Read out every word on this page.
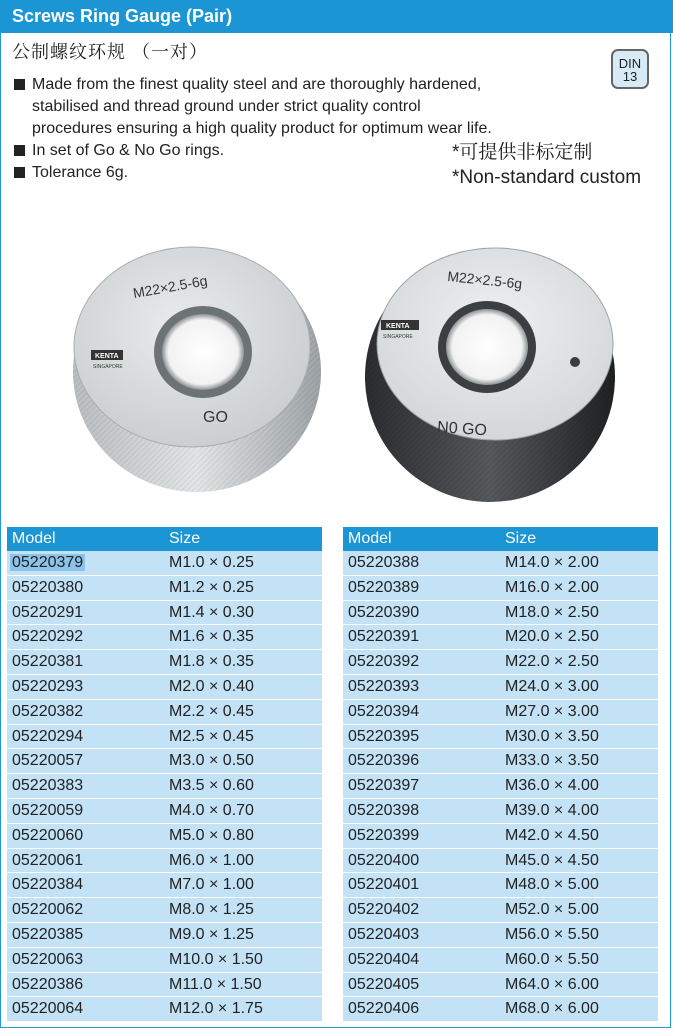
Screws Ring Gauge (Pair)
公制螺纹环规 （一对）
DIN
13
Made from the finest quality steel and are thoroughly hardened,
stabilised and thread ground under strict quality control
procedures ensuring a high quality product for optimum wear life.
In set of Go & No Go rings.
Tolerance 6g.
*可提供非标定制
*Non-standard custom
M22×2.5-6g
GO
KENTA
SINGAPORE
M22×2.5-6g
N0 GO
KENTA
SINGAPORE
Model	Size
05220379	M1.0 × 0.25
05220380	M1.2 × 0.25
05220291	M1.4 × 0.30
05220292	M1.6 × 0.35
05220381	M1.8 × 0.35
05220293	M2.0 × 0.40
05220382	M2.2 × 0.45
05220294	M2.5 × 0.45
05220057	M3.0 × 0.50
05220383	M3.5 × 0.60
05220059	M4.0 × 0.70
05220060	M5.0 × 0.80
05220061	M6.0 × 1.00
05220384	M7.0 × 1.00
05220062	M8.0 × 1.25
05220385	M9.0 × 1.25
05220063	M10.0 × 1.50
05220386	M11.0 × 1.50
05220064	M12.0 × 1.75
Model	Size
05220388	M14.0 × 2.00
05220389	M16.0 × 2.00
05220390	M18.0 × 2.50
05220391	M20.0 × 2.50
05220392	M22.0 × 2.50
05220393	M24.0 × 3.00
05220394	M27.0 × 3.00
05220395	M30.0 × 3.50
05220396	M33.0 × 3.50
05220397	M36.0 × 4.00
05220398	M39.0 × 4.00
05220399	M42.0 × 4.50
05220400	M45.0 × 4.50
05220401	M48.0 × 5.00
05220402	M52.0 × 5.00
05220403	M56.0 × 5.50
05220404	M60.0 × 5.50
05220405	M64.0 × 6.00
05220406	M68.0 × 6.00
